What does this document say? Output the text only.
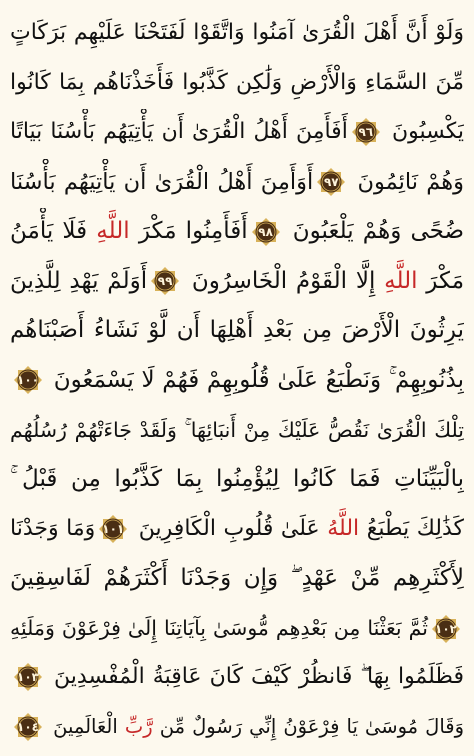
وَلَوْ أَنَّ أَهْلَ الْقُرَىٰ آمَنُوا وَاتَّقَوْا لَفَتَحْنَا عَلَيْهِم بَرَكَاتٍ
مِّنَ السَّمَاءِ وَالْأَرْضِ وَلَٰكِن كَذَّبُوا فَأَخَذْنَاهُم بِمَا كَانُوا
يَكْسِبُونَ
٩٦
أَفَأَمِنَ أَهْلُ الْقُرَىٰ أَن يَأْتِيَهُم بَأْسُنَا بَيَاتًا
وَهُمْ نَائِمُونَ
٩٧
أَوَأَمِنَ أَهْلُ الْقُرَىٰ أَن يَأْتِيَهُم بَأْسُنَا
ضُحًى وَهُمْ يَلْعَبُونَ
٩٨
أَفَأَمِنُوا مَكْرَ اللَّهِ فَلَا يَأْمَنُ
مَكْرَ اللَّهِ إِلَّا الْقَوْمُ الْخَاسِرُونَ
٩٩
أَوَلَمْ يَهْدِ لِلَّذِينَ
يَرِثُونَ الْأَرْضَ مِن بَعْدِ أَهْلِهَا أَن لَّوْ نَشَاءُ أَصَبْنَاهُم
بِذُنُوبِهِمْ ۚ وَنَطْبَعُ عَلَىٰ قُلُوبِهِمْ فَهُمْ لَا يَسْمَعُونَ
١٠٠
تِلْكَ الْقُرَىٰ نَقُصُّ عَلَيْكَ مِنْ أَنبَائِهَا ۚ وَلَقَدْ جَاءَتْهُمْ رُسُلُهُم
بِالْبَيِّنَاتِ فَمَا كَانُوا لِيُؤْمِنُوا بِمَا كَذَّبُوا مِن قَبْلُ ۚ
كَذَٰلِكَ يَطْبَعُ اللَّهُ عَلَىٰ قُلُوبِ الْكَافِرِينَ
١٠١
وَمَا وَجَدْنَا
لِأَكْثَرِهِم مِّنْ عَهْدٍ ۖ وَإِن وَجَدْنَا أَكْثَرَهُمْ لَفَاسِقِينَ
١٠٢
ثُمَّ بَعَثْنَا مِن بَعْدِهِم مُّوسَىٰ بِآيَاتِنَا إِلَىٰ فِرْعَوْنَ وَمَلَئِهِ
فَظَلَمُوا بِهَا ۖ فَانظُرْ كَيْفَ كَانَ عَاقِبَةُ الْمُفْسِدِينَ
١٠٣
وَقَالَ مُوسَىٰ يَا فِرْعَوْنُ إِنِّي رَسُولٌ مِّن رَّبِّ الْعَالَمِينَ
١٠٤
